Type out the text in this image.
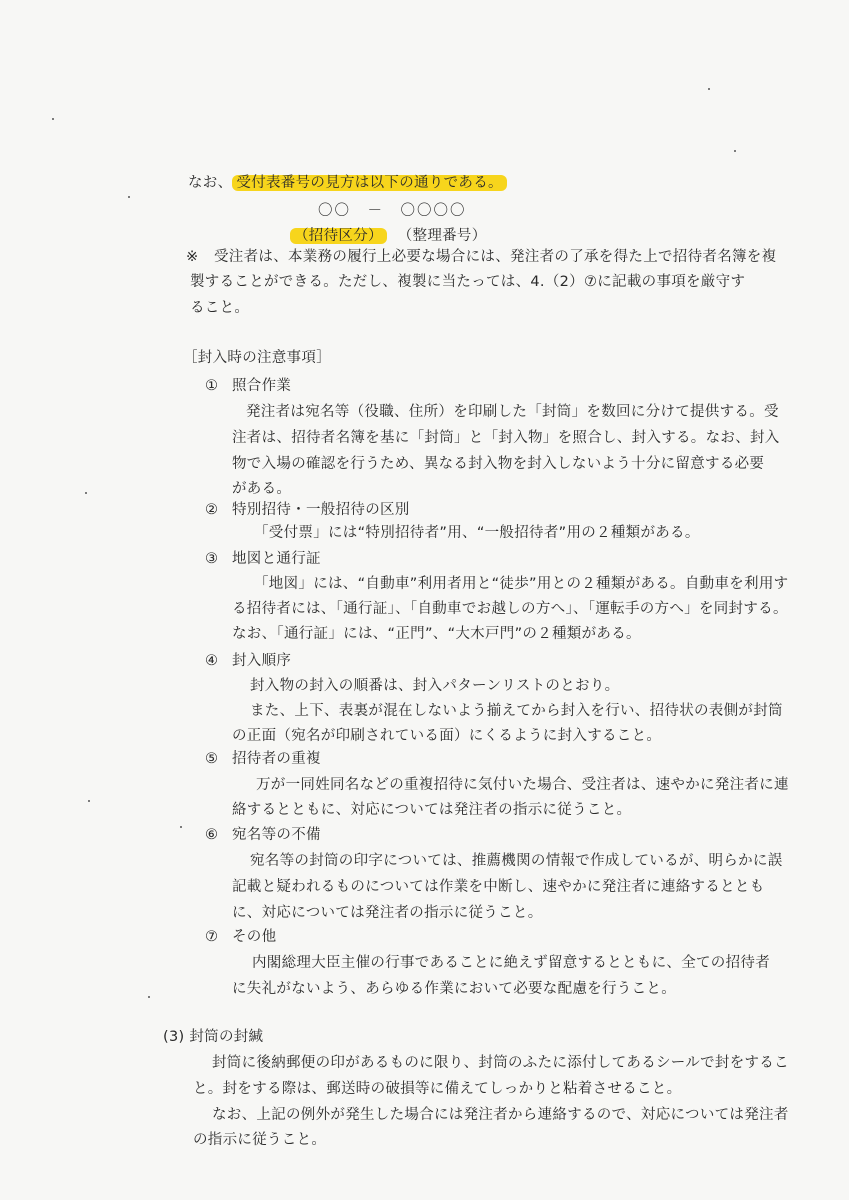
なお、 受付表番号の見方は以下の通りである。
〇〇　－　〇〇〇〇
（招待区分） （整理番号）
※ 受注者は、本業務の履行上必要な場合には、発注者の了承を得た上で招待者名簿を複
製することができる。ただし、複製に当たっては、4.（2）⑦に記載の事項を厳守す
ること。
［封入時の注意事項］
① 照合作業
発注者は宛名等（役職、住所）を印刷した「封筒」を数回に分けて提供する。受
注者は、招待者名簿を基に「封筒」と「封入物」を照合し、封入する。なお、封入
物で入場の確認を行うため、異なる封入物を封入しないよう十分に留意する必要
がある。
② 特別招待・一般招待の区別
「受付票」には“特別招待者”用、“一般招待者”用の２種類がある。
③ 地図と通行証
「地図」には、“自動車”利用者用と“徒歩”用との２種類がある。自動車を利用す
る招待者には、「通行証」、「自動車でお越しの方へ」、「運転手の方へ」を同封する。
なお、「通行証」には、“正門”、“大木戸門”の２種類がある。
④ 封入順序
封入物の封入の順番は、封入パターンリストのとおり。
また、上下、表裏が混在しないよう揃えてから封入を行い、招待状の表側が封筒
の正面（宛名が印刷されている面）にくるように封入すること。
⑤ 招待者の重複
万が一同姓同名などの重複招待に気付いた場合、受注者は、速やかに発注者に連
絡するとともに、対応については発注者の指示に従うこと。
⑥ 宛名等の不備
宛名等の封筒の印字については、推薦機関の情報で作成しているが、明らかに誤
記載と疑われるものについては作業を中断し、速やかに発注者に連絡するととも
に、対応については発注者の指示に従うこと。
⑦ その他
内閣総理大臣主催の行事であることに絶えず留意するとともに、全ての招待者
に失礼がないよう、あらゆる作業において必要な配慮を行うこと。
(3) 封筒の封緘
封筒に後納郵便の印があるものに限り、封筒のふたに添付してあるシールで封をするこ
と。封をする際は、郵送時の破損等に備えてしっかりと粘着させること。
なお、上記の例外が発生した場合には発注者から連絡するので、対応については発注者
の指示に従うこと。
